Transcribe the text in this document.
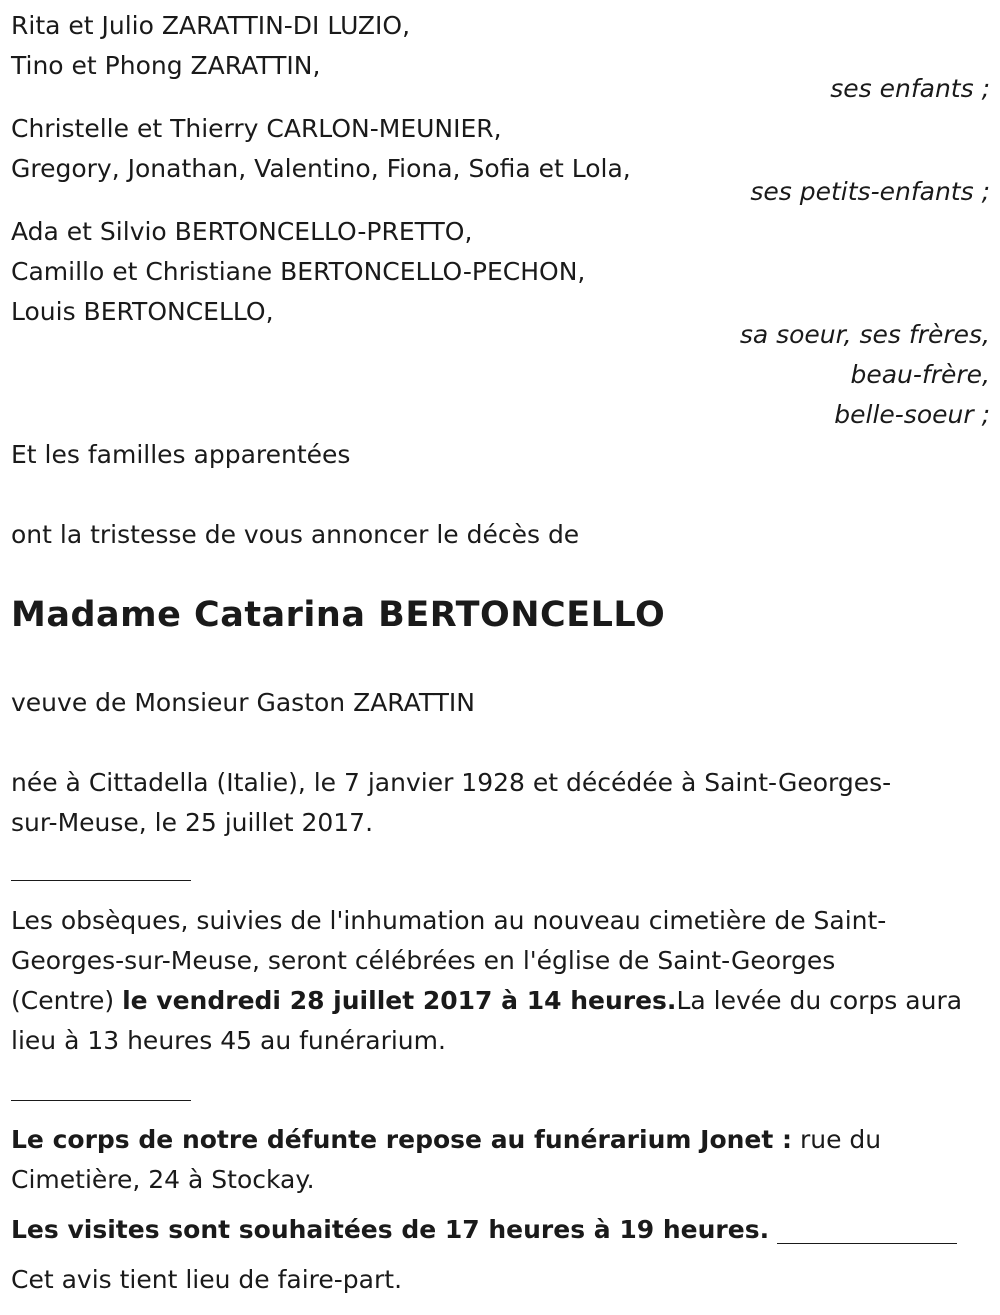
Rita et Julio ZARATTIN-DI LUZIO,
Tino et Phong ZARATTIN,
ses enfants ;
Christelle et Thierry CARLON-MEUNIER,
Gregory, Jonathan, Valentino, Fiona, Sofia et Lola,
ses petits-enfants ;
Ada et Silvio BERTONCELLO-PRETTO,
Camillo et Christiane BERTONCELLO-PECHON,
Louis BERTONCELLO,
sa soeur, ses frères,
beau-frère,
belle-soeur ;
Et les familles apparentées
ont la tristesse de vous annoncer le décès de
Madame Catarina BERTONCELLO
veuve de Monsieur Gaston ZARATTIN
née à Cittadella (Italie), le 7 janvier 1928 et décédée à Saint-Georges-
sur-Meuse, le 25 juillet 2017.
Les obsèques, suivies de l'inhumation au nouveau cimetière de Saint-
Georges-sur-Meuse, seront célébrées en l'église de Saint-Georges
(Centre) le vendredi 28 juillet 2017 à 14 heures.La levée du corps aura
lieu à 13 heures 45 au funérarium.
Le corps de notre défunte repose au funérarium Jonet : rue du
Cimetière, 24 à Stockay.
Les visites sont souhaitées de 17 heures à 19 heures.
Cet avis tient lieu de faire-part.
